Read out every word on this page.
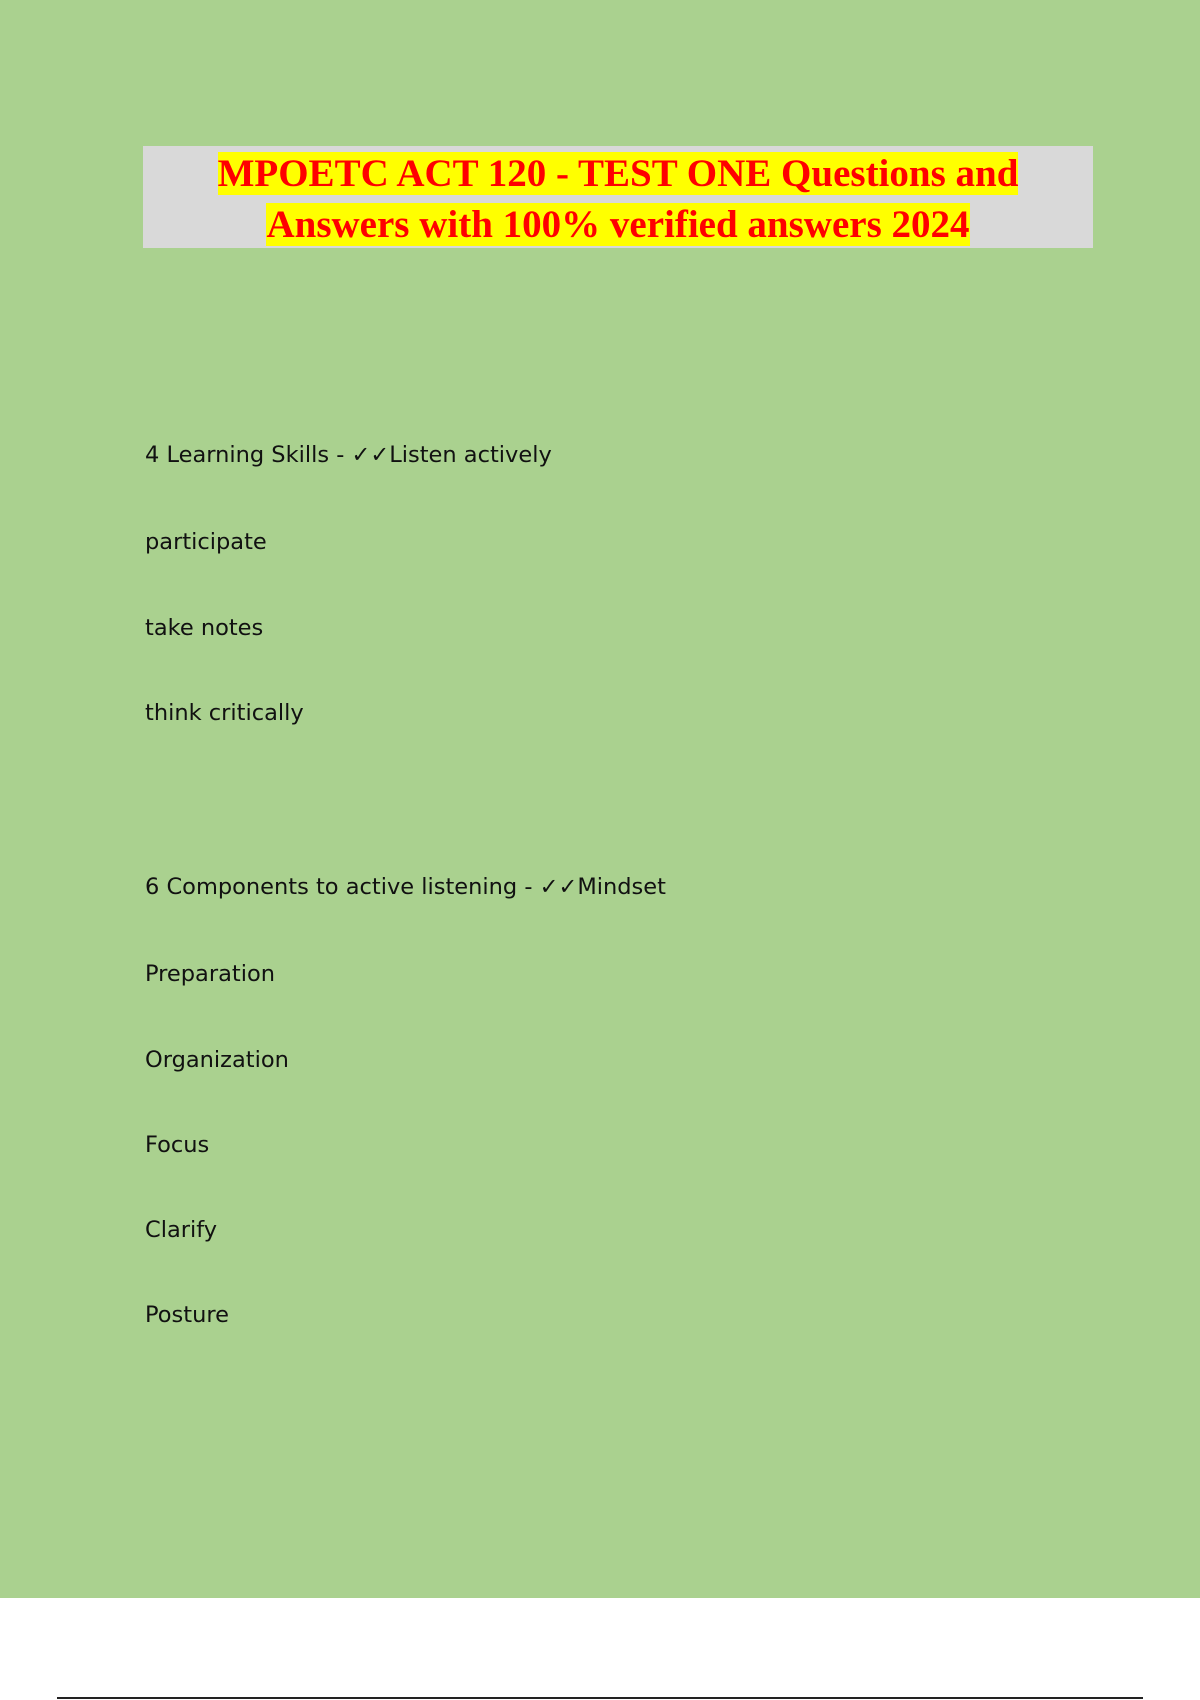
MPOETC ACT 120 - TEST ONE Questions and
Answers with 100% verified answers 2024
4 Learning Skills - ✓✓Listen actively
participate
take notes
think critically
6 Components to active listening - ✓✓Mindset
Preparation
Organization
Focus
Clarify
Posture
